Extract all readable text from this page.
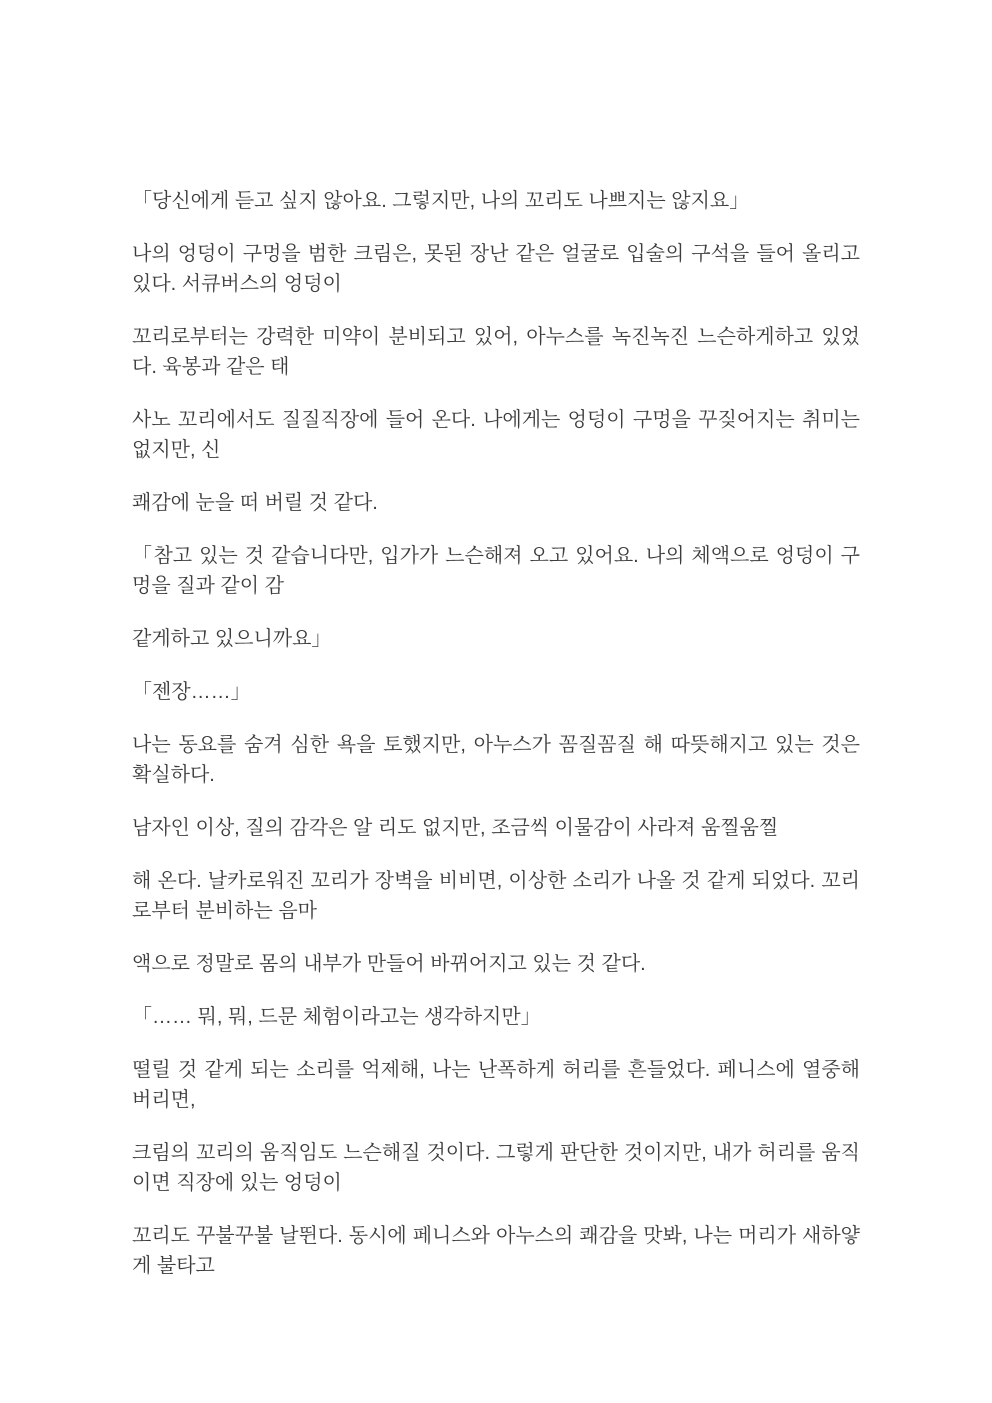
「당신에게 듣고 싶지 않아요. 그렇지만, 나의 꼬리도 나쁘지는 않지요」

나의 엉덩이 구멍을 범한 크림은, 못된 장난 같은 얼굴로 입술의 구석을 들어 올리고 있다. 서큐버스의 엉덩이

꼬리로부터는 강력한 미약이 분비되고 있어, 아누스를 녹진녹진 느슨하게하고 있었다. 육봉과 같은 태

사노 꼬리에서도 질질직장에 들어 온다. 나에게는 엉덩이 구멍을 꾸짖어지는 취미는 없지만, 신

쾌감에 눈을 떠 버릴 것 같다.

「참고 있는 것 같습니다만, 입가가 느슨해져 오고 있어요. 나의 체액으로 엉덩이 구멍을 질과 같이 감

같게하고 있으니까요」

「젠장……」

나는 동요를 숨겨 심한 욕을 토했지만, 아누스가 꼼질꼼질 해 따뜻해지고 있는 것은 확실하다.

남자인 이상, 질의 감각은 알 리도 없지만, 조금씩 이물감이 사라져 움찔움찔

해 온다. 날카로워진 꼬리가 장벽을 비비면, 이상한 소리가 나올 것 같게 되었다. 꼬리로부터 분비하는 음마

액으로 정말로 몸의 내부가 만들어 바뀌어지고 있는 것 같다.

「…… 뭐, 뭐, 드문 체험이라고는 생각하지만」

떨릴 것 같게 되는 소리를 억제해, 나는 난폭하게 허리를 흔들었다. 페니스에 열중해 버리면,

크림의 꼬리의 움직임도 느슨해질 것이다. 그렇게 판단한 것이지만, 내가 허리를 움직이면 직장에 있는 엉덩이

꼬리도 꾸불꾸불 날뛴다. 동시에 페니스와 아누스의 쾌감을 맛봐, 나는 머리가 새하얗게 불타고
